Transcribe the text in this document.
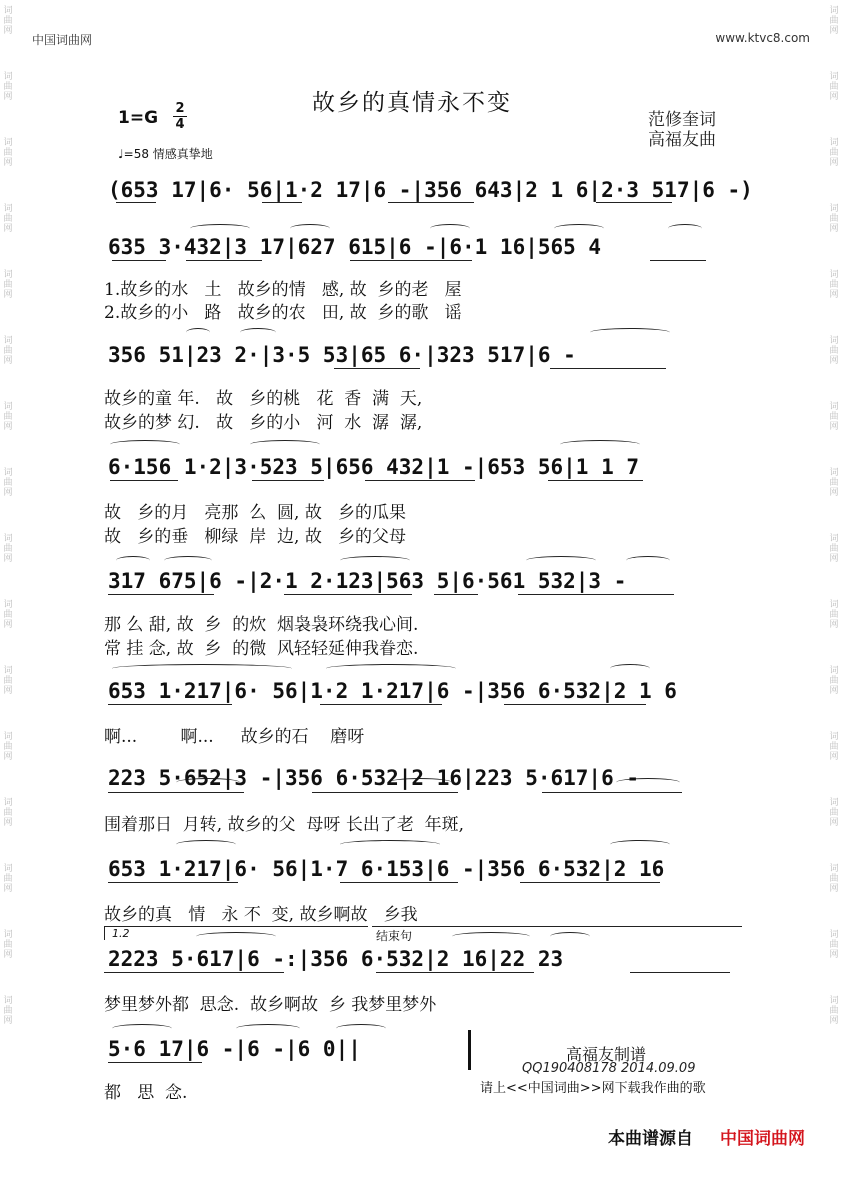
词
曲
网
词
曲
网
词
曲
网
词
曲
网
词
曲
网
词
曲
网
词
曲
网
词
曲
网
词
曲
网
词
曲
网
词
曲
网
词
曲
网
词
曲
网
词
曲
网
词
曲
网
词
曲
网
词
曲
网
词
曲
网
词
曲
网
词
曲
网
词
曲
网
词
曲
网
词
曲
网
词
曲
网
词
曲
网
词
曲
网
词
曲
网
词
曲
网
词
曲
网
词
曲
网
词
曲
网
词
曲
网
中国词曲网	www.ktvc8.com
故乡的真情永不变
1=G 2
4	范修奎词
高福友曲
♩=58 情感真挚地
(653 17|6· 56|1·2 17|6 -|356 643|2 1 6|2·3 517|6 -)
635 3·432|3 17|627 615|6 -|6·1 16|565 4
1.故乡的水   土   故乡的情   感, 故  乡的老   屋
2.故乡的小   路   故乡的农   田, 故  乡的歌   谣
356 51|23 2·|3·5 53|65 6·|323 517|6 -
故乡的童 年.   故   乡的桃   花  香  满  天,
故乡的梦 幻.   故   乡的小   河  水  潺  潺,
6·156 1·2|3·523 5|656 432|1 -|653 56|1 1 7
故   乡的月   亮那  么  圆, 故   乡的瓜果
故   乡的垂   柳绿  岸  边, 故   乡的父母
317 675|6 -|2·1 2·123|563 5|6·561 532|3 -
那 么 甜, 故  乡  的炊  烟袅袅环绕我心间.
常 挂 念, 故  乡  的微  风轻轻延伸我眷恋.
653 1·217|6· 56|1·2 1·217|6 -|356 6·532|2 1 6
啊...        啊...     故乡的石    磨呀
223 5·652|3 -|356 6·532|2 16|223 5·617|6 -
围着那日  月转, 故乡的父  母呀 长出了老  年斑,
653 1·217|6· 56|1·7 6·153|6 -|356 6·532|2 16
故乡的真   情   永 不  变, 故乡啊故   乡我
1.2	结束句
2223 5·617|6 -:|356 6·532|2 16|22 23
梦里梦外都  思念.  故乡啊故  乡 我梦里梦外
5·6 17|6 -|6 -|6 0||
都   思  念.
高福友制谱
QQ190408178 2014.09.09
请上<<中国词曲>>网下载我作曲的歌
本曲谱源自 中国词曲网
